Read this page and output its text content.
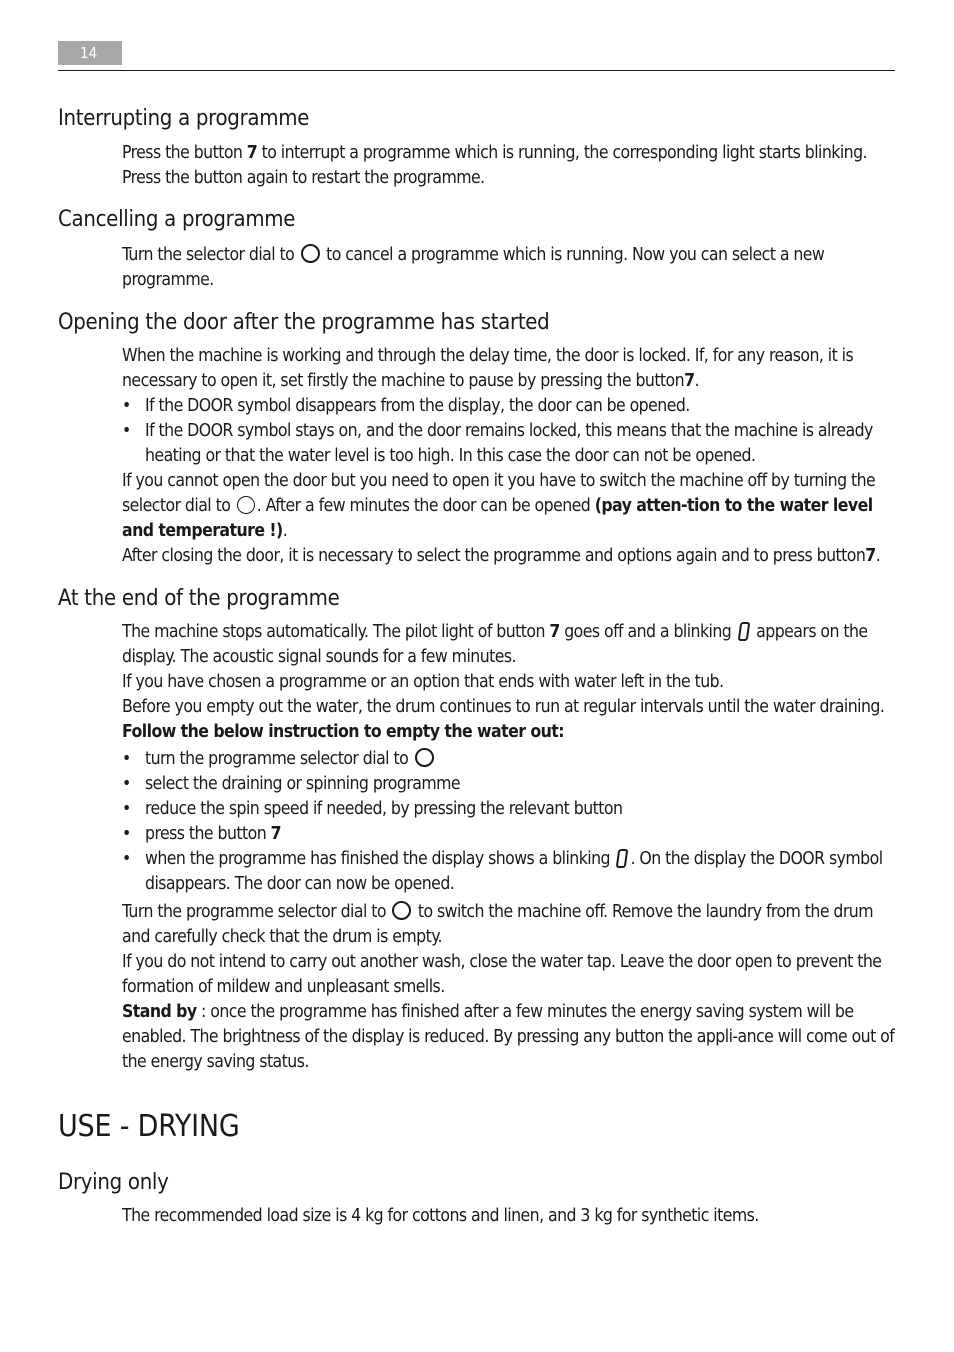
14
Interrupting a programme

Press the button 7 to interrupt a programme which is running, the corresponding light starts blinking. Press the button again to restart the programme.

Cancelling a programme

Turn the selector dial to  to cancel a programme which is running. Now you can select a new programme.

Opening the door after the programme has started

When the machine is working and through the delay time, the door is locked. If, for any reason, it is necessary to open it, set firstly the machine to pause by pressing the button7.

• If the DOOR symbol disappears from the display, the door can be opened.
• If the DOOR symbol stays on, and the door remains locked, this means that the machine is already heating or that the water level is too high. In this case the door can not be opened.

If you cannot open the door but you need to open it you have to switch the machine off by turning the selector dial to . After a few minutes the door can be opened (pay atten-tion to the water level and temperature !).

After closing the door, it is necessary to select the programme and options again and to press button7.

At the end of the programme

The machine stops automatically. The pilot light of button 7 goes off and a blinking  appears on the display. The acoustic signal sounds for a few minutes.

If you have chosen a programme or an option that ends with water left in the tub.

Before you empty out the water, the drum continues to run at regular intervals until the water draining.

Follow the below instruction to empty the water out:

• turn the programme selector dial to
• select the draining or spinning programme
• reduce the spin speed if needed, by pressing the relevant button
• press the button 7
• when the programme has finished the display shows a blinking . On the display the DOOR symbol disappears. The door can now be opened.

Turn the programme selector dial to  to switch the machine off. Remove the laundry from the drum and carefully check that the drum is empty.

If you do not intend to carry out another wash, close the water tap. Leave the door open to prevent the formation of mildew and unpleasant smells.

Stand by : once the programme has finished after a few minutes the energy saving system will be enabled. The brightness of the display is reduced. By pressing any button the appli-ance will come out of the energy saving status.

USE - DRYING
Drying only

The recommended load size is 4 kg for cottons and linen, and 3 kg for synthetic items.
